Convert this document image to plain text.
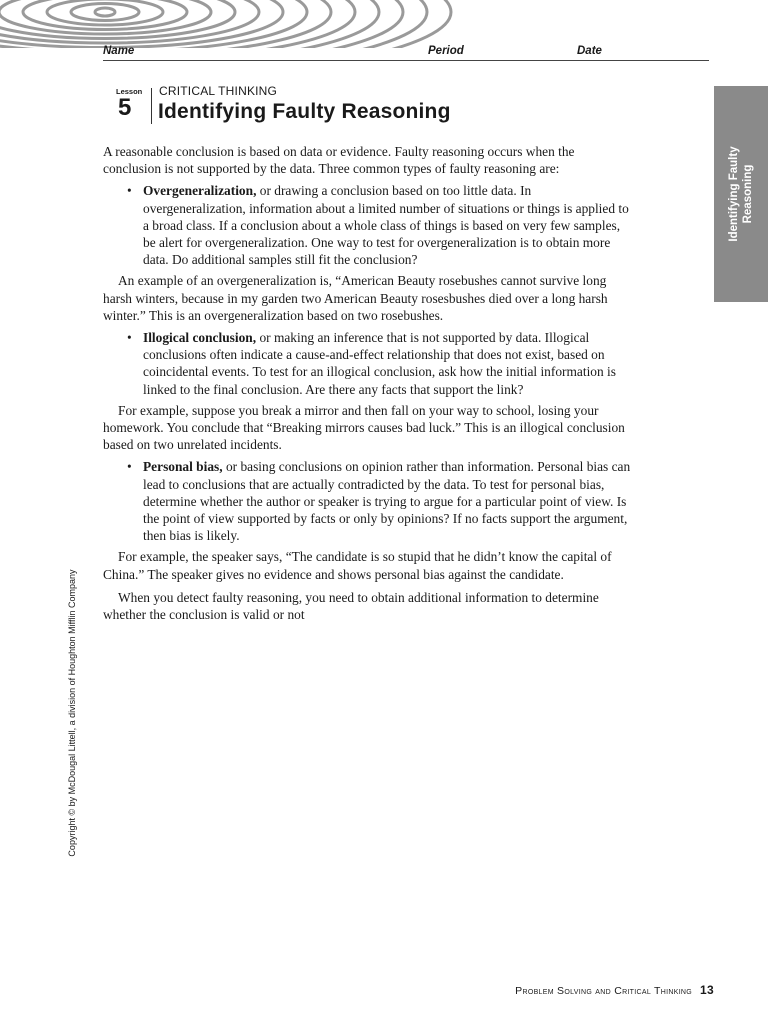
Name	Period	Date
Lesson
5
CRITICAL THINKING
Identifying Faulty Reasoning
Identifying Faulty Reasoning

A reasonable conclusion is based on data or evidence. Faulty reasoning occurs when the conclusion is not supported by the data. Three common types of faulty reasoning are:

• Overgeneralization, or drawing a conclusion based on too little data. In overgeneralization, information about a limited number of situations or things is applied to a broad class. If a conclusion about a whole class of things is based on very few samples, be alert for overgeneralization. One way to test for overgeneralization is to obtain more data. Do additional samples still fit the conclusion?

An example of an overgeneralization is, “American Beauty rosebushes cannot survive long harsh winters, because in my garden two American Beauty rosesbushes died over a long harsh winter.” This is an overgeneralization based on two rosebushes.

• Illogical conclusion, or making an inference that is not supported by data. Illogical conclusions often indicate a cause-and-effect relationship that does not exist, based on coincidental events. To test for an illogical conclusion, ask how the initial information is linked to the final conclusion. Are there any facts that support the link?

For example, suppose you break a mirror and then fall on your way to school, losing your homework. You conclude that “Breaking mirrors causes bad luck.” This is an illogical conclusion based on two unrelated incidents.

• Personal bias, or basing conclusions on opinion rather than information. Personal bias can lead to conclusions that are actually contradicted by the data. To test for personal bias, determine whether the author or speaker is trying to argue for a particular point of view. Is the point of view supported by facts or only by opinions? If no facts support the argument, then bias is likely.

For example, the speaker says, “The candidate is so stupid that he didn’t know the capital of China.” The speaker gives no evidence and shows personal bias against the candidate.

When you detect faulty reasoning, you need to obtain additional information to determine whether the conclusion is valid or not

Copyright © by McDougal Littell, a division of Houghton Mifflin Company
Problem Solving and Critical Thinking 13
